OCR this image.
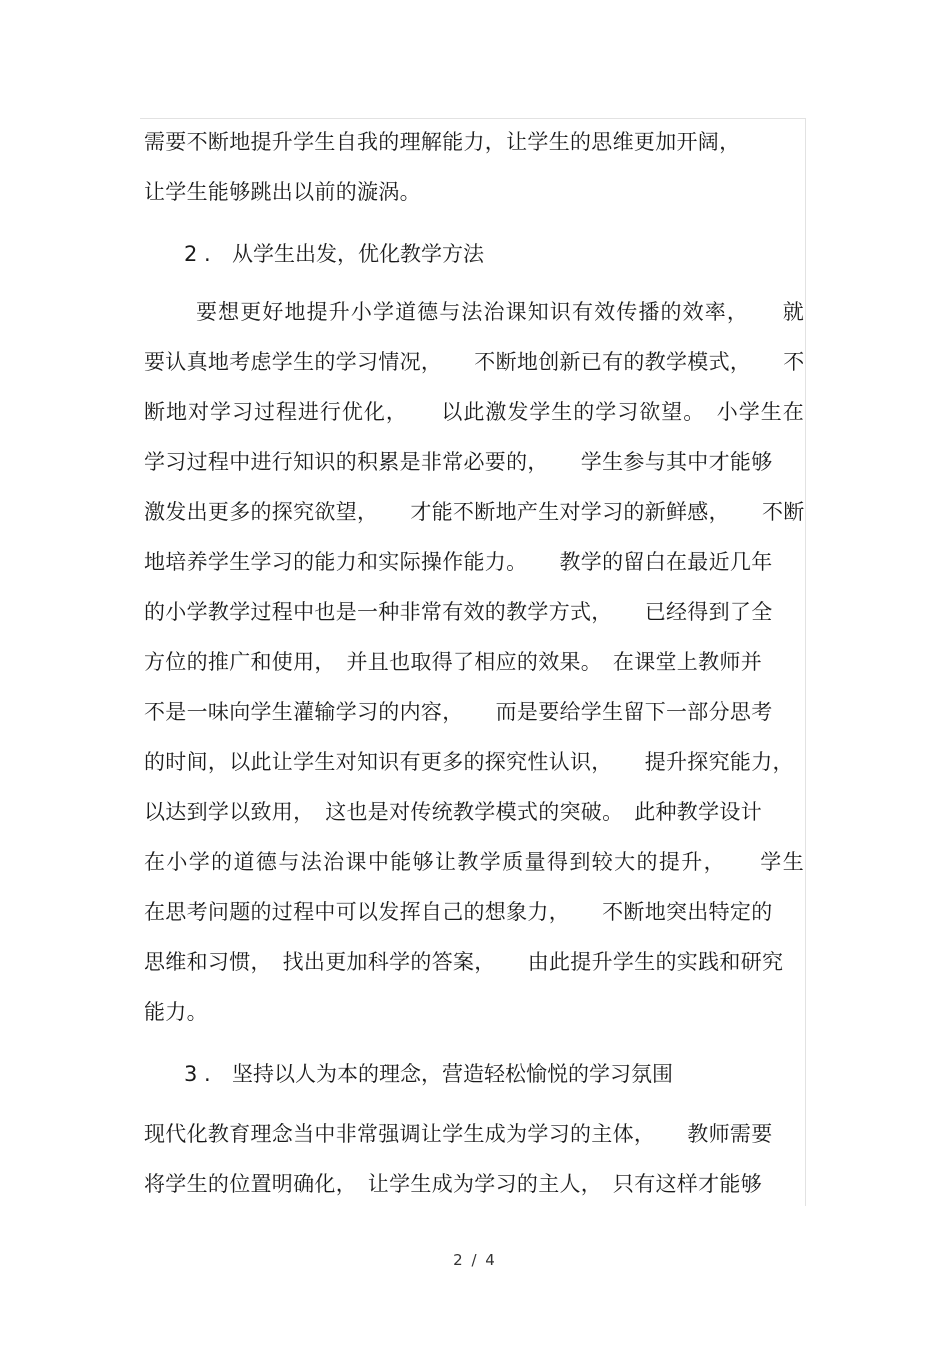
需要不断地提升学生自我的理解能力，让学生的思维更加开阔，
让学生能够跳出以前的漩涡。
2 . 从学生出发，优化教学方法
要想更好地提升小学道德与法治课知识有效传播的效率，　　就
要认真地考虑学生的学习情况，　　不断地创新已有的教学模式，　　不
断地对学习过程进行优化，　　以此激发学生的学习欲望。　小学生在
学习过程中进行知识的积累是非常必要的，　　学生参与其中才能够
激发出更多的探究欲望，　　才能不断地产生对学习的新鲜感，　　不断
地培养学生学习的能力和实际操作能力。　　教学的留白在最近几年
的小学教学过程中也是一种非常有效的教学方式，　　已经得到了全
方位的推广和使用，　并且也取得了相应的效果。　在课堂上教师并
不是一味向学生灌输学习的内容，　　而是要给学生留下一部分思考
的时间，以此让学生对知识有更多的探究性认识，　　提升探究能力，
以达到学以致用，　这也是对传统教学模式的突破。　此种教学设计
在小学的道德与法治课中能够让教学质量得到较大的提升，　　学生
在思考问题的过程中可以发挥自己的想象力，　　不断地突出特定的
思维和习惯，　找出更加科学的答案，　　由此提升学生的实践和研究
能力。
3 . 坚持以人为本的理念，营造轻松愉悦的学习氛围
现代化教育理念当中非常强调让学生成为学习的主体，　　教师需要
将学生的位置明确化，　让学生成为学习的主人，　只有这样才能够
2 / 4
